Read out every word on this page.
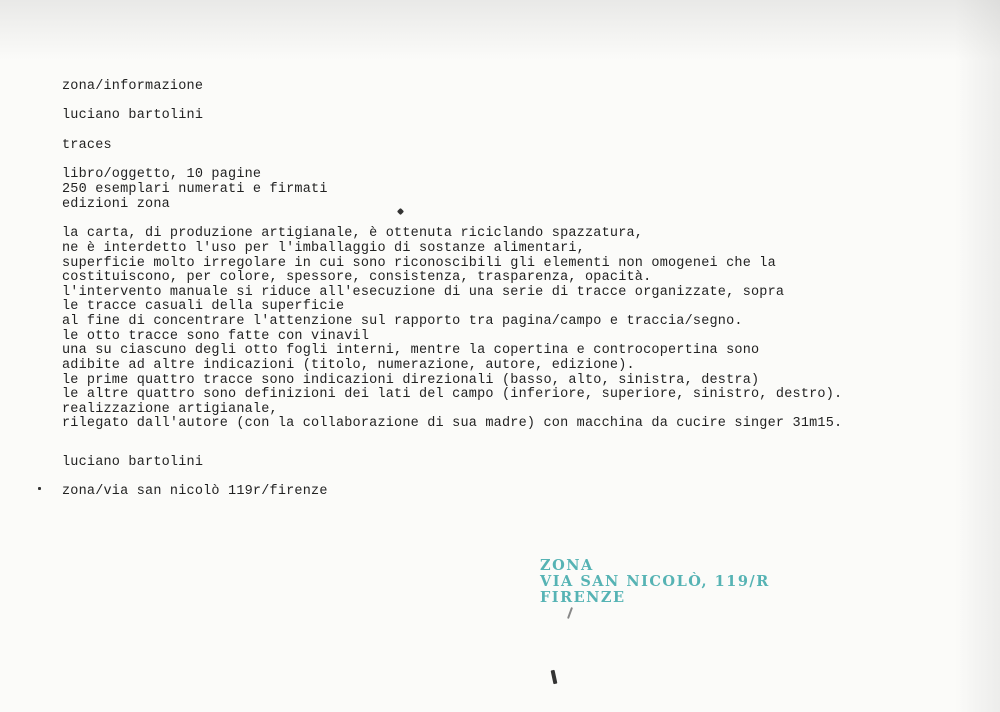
zona/informazione
luciano bartolini
traces
libro/oggetto, 10 pagine
250 esemplari numerati e firmati
edizioni zona
la carta, di produzione artigianale, è ottenuta riciclando spazzatura,
ne è interdetto l'uso per l'imballaggio di sostanze alimentari,
superficie molto irregolare in cui sono riconoscibili gli elementi non omogenei che la
costituiscono, per colore, spessore, consistenza, trasparenza, opacità.
l'intervento manuale si riduce all'esecuzione di una serie di tracce organizzate, sopra
le tracce casuali della superficie
al fine di concentrare l'attenzione sul rapporto tra pagina/campo e traccia/segno.
le otto tracce sono fatte con vinavil
una su ciascuno degli otto fogli interni, mentre la copertina e controcopertina sono
adibite ad altre indicazioni (titolo, numerazione, autore, edizione).
le prime quattro tracce sono indicazioni direzionali (basso, alto, sinistra, destra)
le altre quattro sono definizioni dei lati del campo (inferiore, superiore, sinistro, destro).
realizzazione artigianale,
rilegato dall'autore (con la collaborazione di sua madre) con macchina da cucire singer 31m15.
luciano bartolini
zona/via san nicolò 119r/firenze
ZONA
VIA SAN NICOLÒ, 119/R
FIRENZE
